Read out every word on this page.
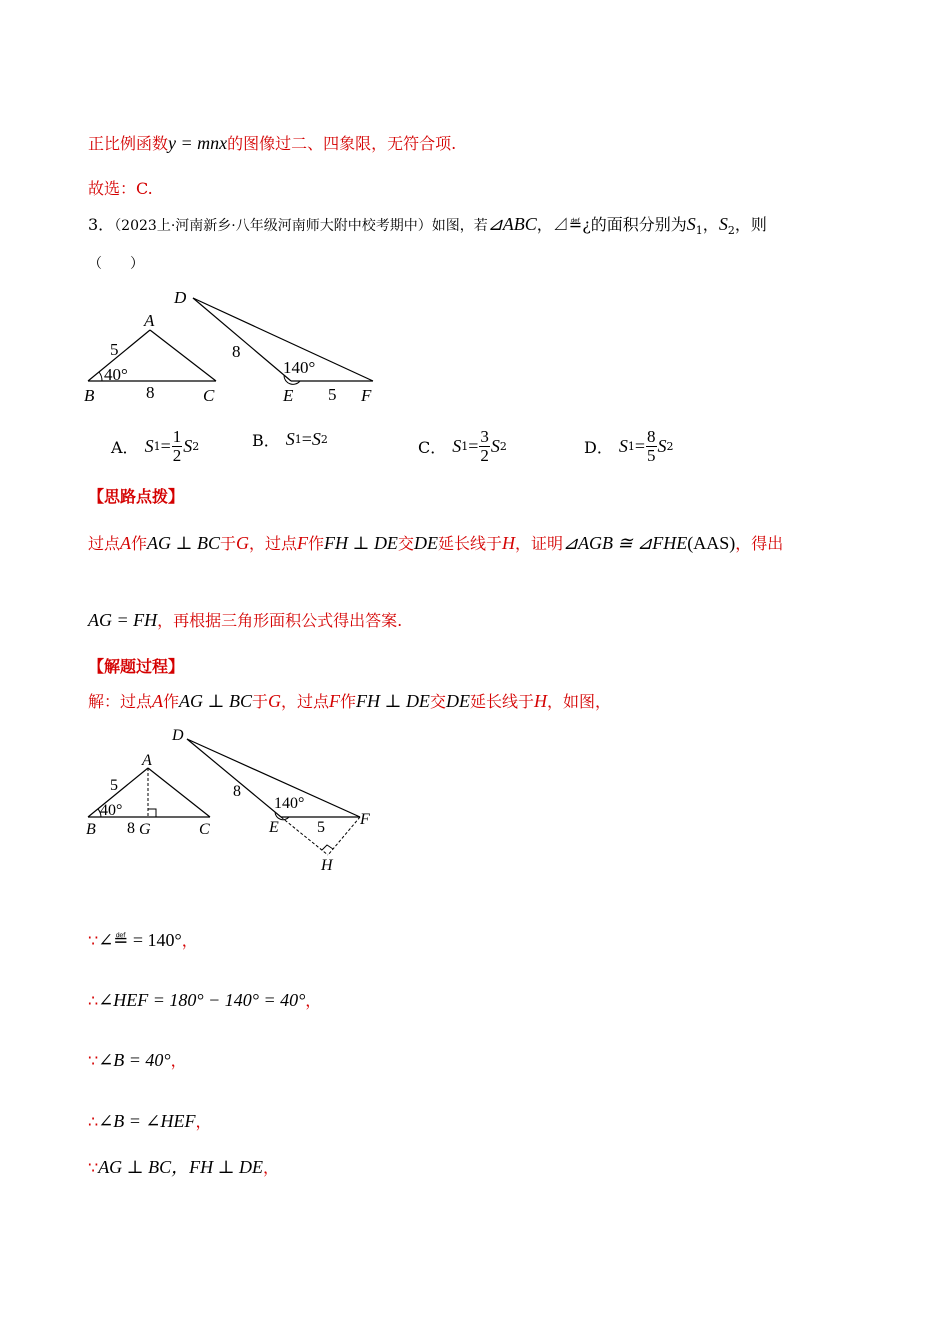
正比例函数y = mnx的图像过二、四象限，无符合项.
故选：C.
3．（2023上·河南新乡·八年级河南师大附中校考期中）如图，若⊿ABC，⊿≝¿的面积分别为$S_1$，$S_2$，则
（　　）
A
B	C
5
8
40°
D
E	F
8
5
140°
A． S $1 = \frac{1}{2}$ S 2	B． S 1 = S 2	C． S $1 = \frac{3}{2}$ S 2	D． S $1 = \frac{8}{5}$ S 2
【思路点拨】
过点A作AG ⊥ BC于G，过点F作FH ⊥ DE交DE延长线于H，证明⊿AGB ≅ ⊿FHE(AAS)，得出
AG = FH，再根据三角形面积公式得出答案.
【解题过程】
解：过点A作AG ⊥ BC于G，过点F作FH ⊥ DE交DE延长线于H，如图，
A
B	C
G
5
8
40°
D
E	F
H
8
5
140°
∵∠≝ = 140°，
∴∠HEF = 180° − 140° = 40°，
∵∠B = 40°，
∴∠B = ∠HEF，
∵AG ⊥ BC，FH ⊥ DE，
